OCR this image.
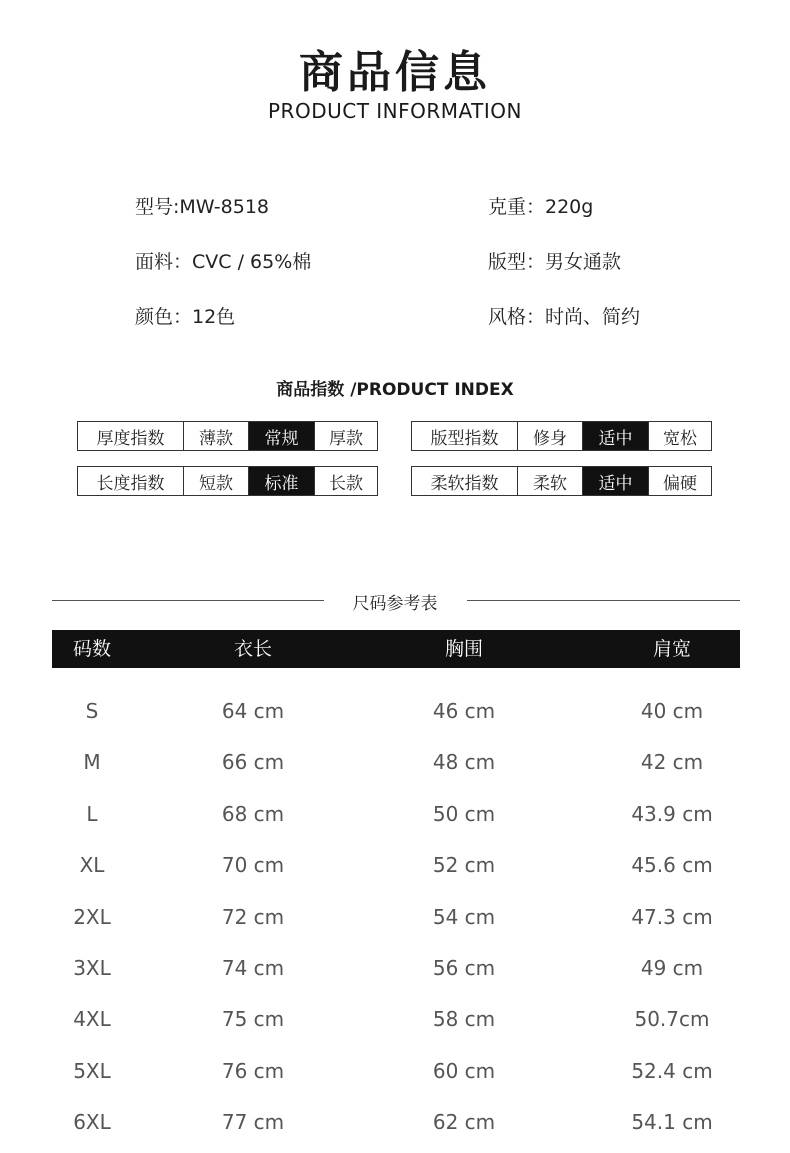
商品信息
PRODUCT INFORMATION
型号:MW-8518	克重：220g
面料：CVC / 65%棉	版型：男女通款
颜色：12色	风格：时尚、简约
商品指数 /PRODUCT INDEX
厚度指数	薄款	常规	厚款	版型指数	修身	适中	宽松
长度指数	短款	标准	长款	柔软指数	柔软	适中	偏硬
尺码参考表
码数	衣长	胸围	肩宽
S	64 cm	46 cm	40 cm
M	66 cm	48 cm	42 cm
L	68 cm	50 cm	43.9 cm
XL	70 cm	52 cm	45.6 cm
2XL	72 cm	54 cm	47.3 cm
3XL	74 cm	56 cm	49 cm
4XL	75 cm	58 cm	50.7cm
5XL	76 cm	60 cm	52.4 cm
6XL	77 cm	62 cm	54.1 cm
